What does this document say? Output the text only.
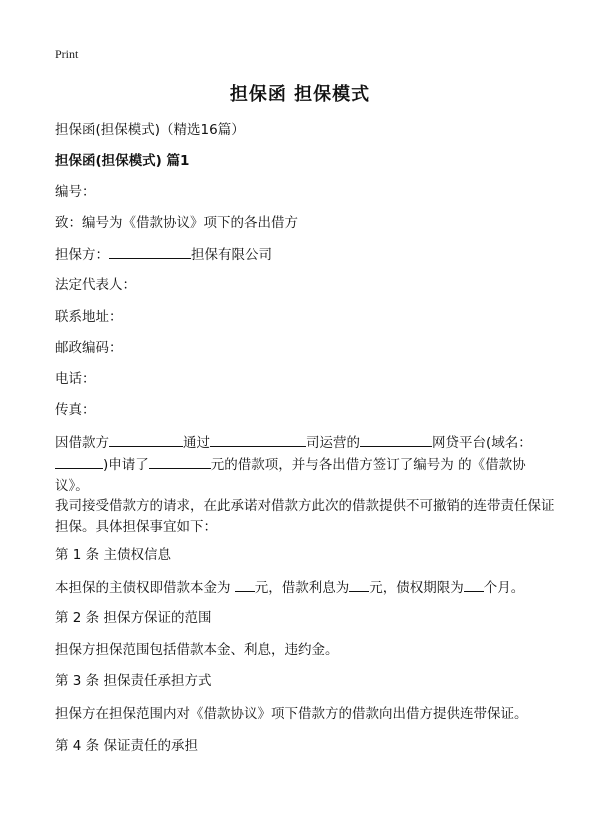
Print
担保函 担保模式
担保函(担保模式)（精选16篇）
担保函(担保模式) 篇1
编号：
致：编号为《借款协议》项下的各出借方
担保方：	担保有限公司
法定代表人：
联系地址：
邮政编码：
电话：
传真：
因借款方	通过	司运营的	网贷平台(域名：
)申请了	元的借款项，并与各出借方签订了编号为 的《借款协议》。
我司接受借款方的请求，在此承诺对借款方此次的借款提供不可撤销的连带责任保证担保。具体担保事宜如下：
第 1 条 主债权信息
本担保的主债权即借款本金为 元，借款利息为 元，债权期限为 个月。
第 2 条 担保方保证的范围
担保方担保范围包括借款本金、利息，违约金。
第 3 条 担保责任承担方式
担保方在担保范围内对《借款协议》项下借款方的借款向出借方提供连带保证。
第 4 条 保证责任的承担
